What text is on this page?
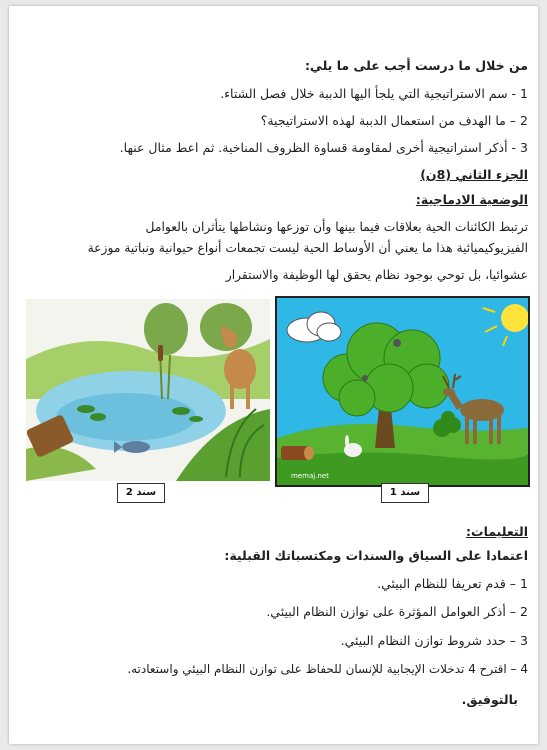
من خلال ما درست أجب على ما يلي:
1 - سم الاستراتيجية التي يلجأ اليها الدببة خلال فصل الشتاء.
2 – ما الهدف من استعمال الدببة لهذه الاستراتيجية؟
3 - أذكر استراتيجية أخرى لمقاومة قساوة الظروف المناخية. ثم اعط مثال عنها.
الجزء الثاني (8ن)
الوضعية الادماجية:
ترتبط الكائنات الحية بعلاقات فيما بينها وأن توزعها ونشاطها يتأثران بالعوامل
الفيزيوكيميائية هذا ما يعني أن الأوساط الحية ليست تجمعات أنواع حيوانية ونباتية موزعة
عشوائيا، بل توحي بوجود نظام يحقق لها الوظيفة والاستقرار
memaj.net
سند 1
سند 2
التعليمات:
اعتمادا على السياق والسندات ومكتسباتك القبلية:
1 – قدم تعريفا للنظام البيئي.
2 – أذكر العوامل المؤثرة على توازن النظام البيئي.
3 – حدد شروط توازن النظام البيئي.
4 – اقترح 4 تدخلات الإيجابية للإنسان للحفاظ على توازن النظام البيئي واستعادته.
بالتوفيق.
